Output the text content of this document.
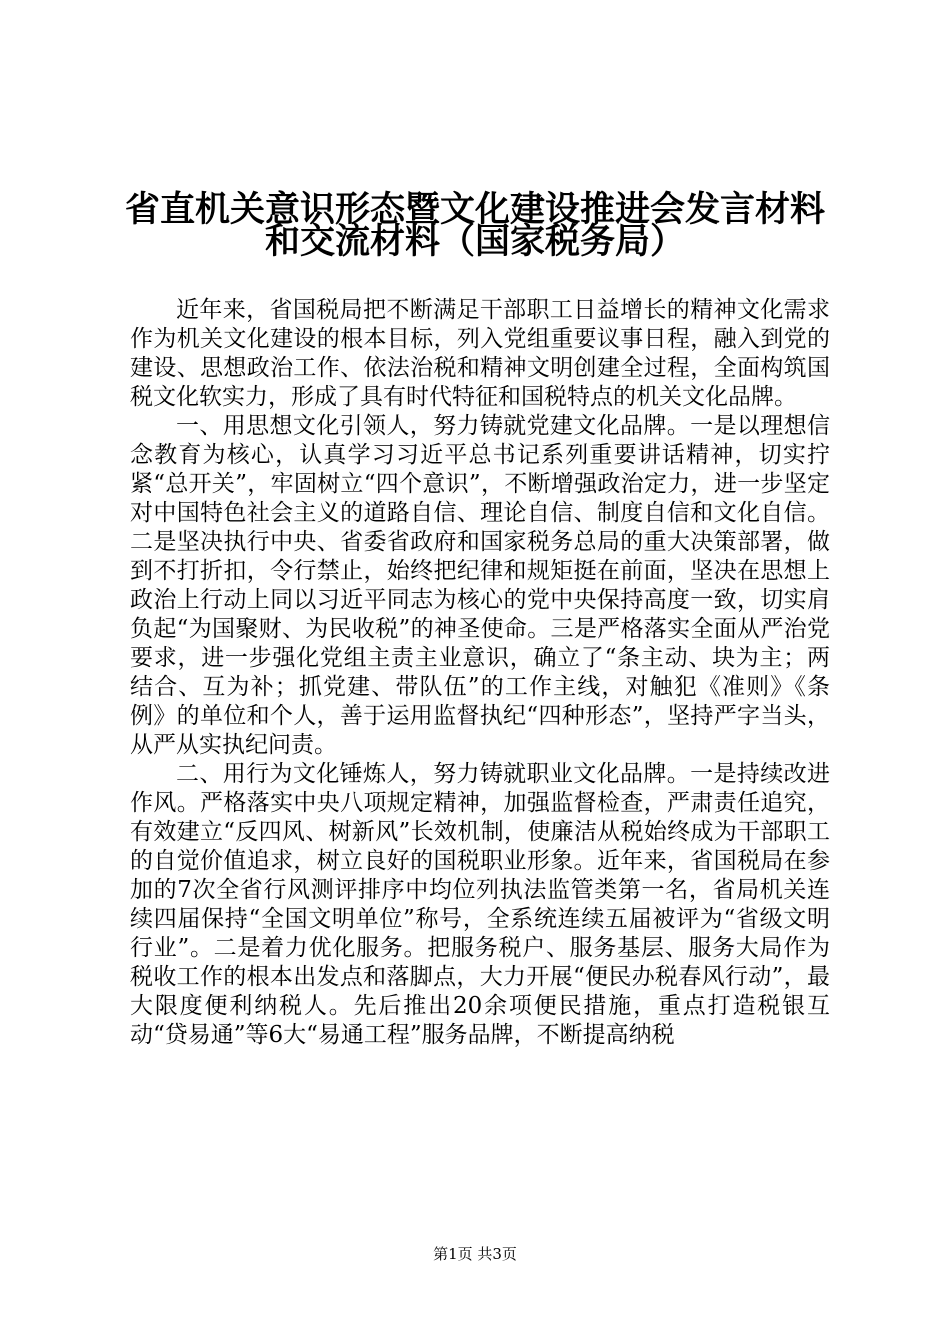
省直机关意识形态暨文化建设推进会发言材料
和交流材料（国家税务局）

近年来，省国税局把不断满足干部职工日益增长的精神文化需求作为机关文化建设的根本目标，列入党组重要议事日程，融入到党的建设、思想政治工作、依法治税和精神文明创建全过程，全面构筑国税文化软实力，形成了具有时代特征和国税特点的机关文化品牌。

一、用思想文化引领人，努力铸就党建文化品牌。一是以理想信念教育为核心，认真学习习近平总书记系列重要讲话精神，切实拧紧“总开关”，牢固树立“四个意识”，不断增强政治定力，进一步坚定对中国特色社会主义的道路自信、理论自信、制度自信和文化自信。二是坚决执行中央、省委省政府和国家税务总局的重大决策部署，做到不打折扣，令行禁止，始终把纪律和规矩挺在前面，坚决在思想上政治上行动上同以习近平同志为核心的党中央保持高度一致，切实肩负起“为国聚财、为民收税”的神圣使命。三是严格落实全面从严治党要求，进一步强化党组主责主业意识，确立了“条主动、块为主；两结合、互为补；抓党建、带队伍”的工作主线，对触犯《准则》《条例》的单位和个人，善于运用监督执纪“四种形态”，坚持严字当头，从严从实执纪问责。

二、用行为文化锤炼人，努力铸就职业文化品牌。一是持续改进作风。严格落实中央八项规定精神，加强监督检查，严肃责任追究，有效建立“反四风、树新风”长效机制，使廉洁从税始终成为干部职工的自觉价值追求，树立良好的国税职业形象。近年来，省国税局在参加的7次全省行风测评排序中均位列执法监管类第一名，省局机关连续四届保持“全国文明单位”称号，全系统连续五届被评为“省级文明行业”。二是着力优化服务。把服务税户、服务基层、服务大局作为税收工作的根本出发点和落脚点，大力开展“便民办税春风行动”，最大限度便利纳税人。先后推出20余项便民措施，重点打造税银互动“贷易通”等6大“易通工程”服务品牌，不断提高纳税

第1页 共3页
